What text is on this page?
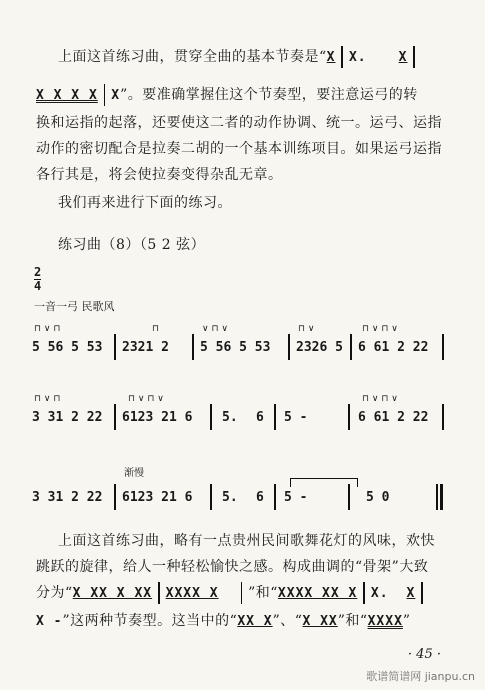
上面这首练习曲，贯穿全曲的基本节奏是“X X. X
X X X X X”。要准确掌握住这个节奏型，要注意运弓的转
换和运指的起落，还要使这二者的动作协调、统一。运弓、运指
动作的密切配合是拉奏二胡的一个基本训练项目。如果运弓运指
各行其是，将会使拉奏变得杂乱无章。
我们再来进行下面的练习。
练习曲（8）（5 2 弦）
2
4
一音一弓 民歌风
5 56 5 53 2321 2 5 56 5 53 2326 5 6 61 2 22
⊓ ∨ ⊓	⊓	∨ ⊓ ∨	⊓ ∨	⊓ ∨ ⊓ ∨
3 31 2 22 6123 21 6 5. 6 5 -	6 61 2 22
⊓ ∨ ⊓	⊓ ∨ ⊓ ∨	⊓ ∨ ⊓ ∨
渐慢
3 31 2 22 6123 21 6 5. 6 5 -	5 0
上面这首练习曲，略有一点贵州民间歌舞花灯的风味，欢快
跳跃的旋律，给人一种轻松愉快之感。构成曲调的“骨架”大致
分为“X XX X XX XXXX X ”和“XXXX XX X X. X
X -”这两种节奏型。这当中的“XX X”、“X XX”和“XXXX”
· 45 ·
歌谱简谱网 jianpu.cn
